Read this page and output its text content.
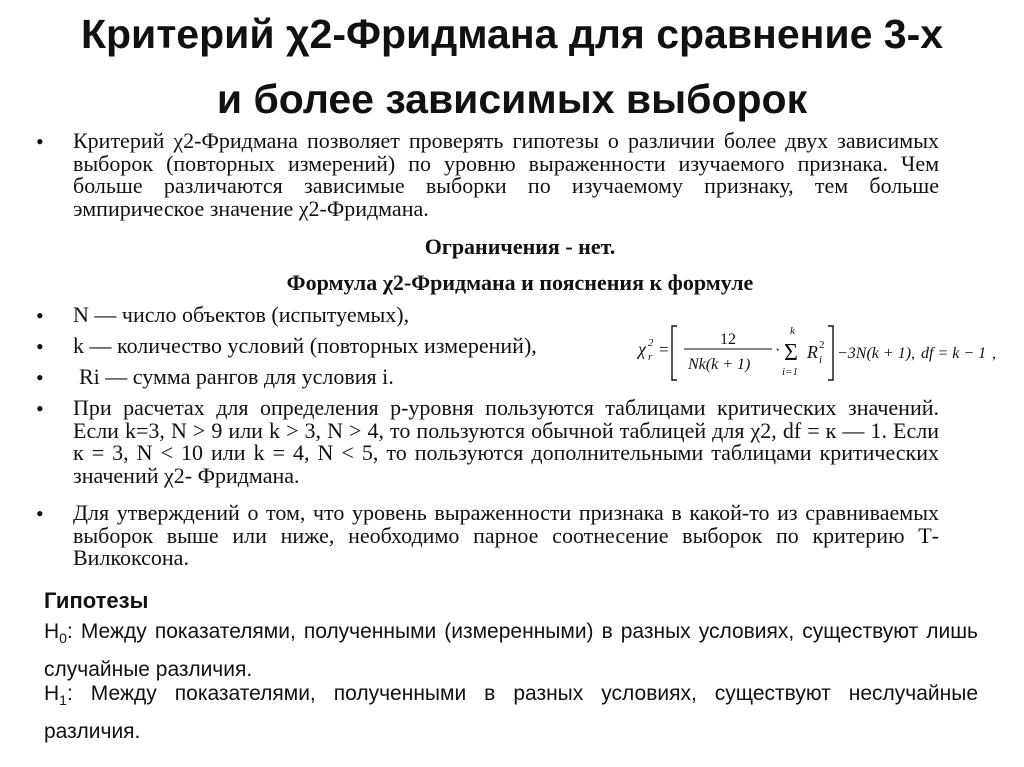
Критерий χ2-Фридмана для сравнение 3-х
и более зависимых выборок
• Критерий χ2-Фридмана позволяет проверять гипотезы о различии более двух зависимых выборок (повторных измерений) по уровню выраженности изучаемого признака. Чем больше различаются зависимые выборки по изучаемому признаку, тем больше эмпирическое значение χ2-Фридмана.
Ограничения - нет.
Формула χ2-Фридмана и пояснения к формуле
• N — число объектов (испытуемых),
• k — количество условий (повторных измерений),
• Ri — сумма рангов для условия i.
χ 2
r =
12
Nk(k + 1)
·
k
Σ
i=1
R i
2 −3N(k + 1), df = k − 1 ,
• При расчетах для определения р-уровня пользуются таблицами критических значений. Если k=3, N > 9 или k > 3, N > 4, то пользуются обычной таблицей для χ2, df = к — 1. Если к = 3, N < 10 или k = 4, N < 5, то пользуются дополнительными таблицами критических значений χ2- Фридмана.
• Для утверждений о том, что уровень выраженности признака в какой-то из сравниваемых выборок выше или ниже, необходимо парное соотнесение выборок по критерию Т-Вилкоксона.
Гипотезы
$H_0$: Между показателями, полученными (измеренными) в разных условиях, существуют лишь случайные различия.
$H_1$: Между показателями, полученными в разных условиях, существуют неслучайные различия.
